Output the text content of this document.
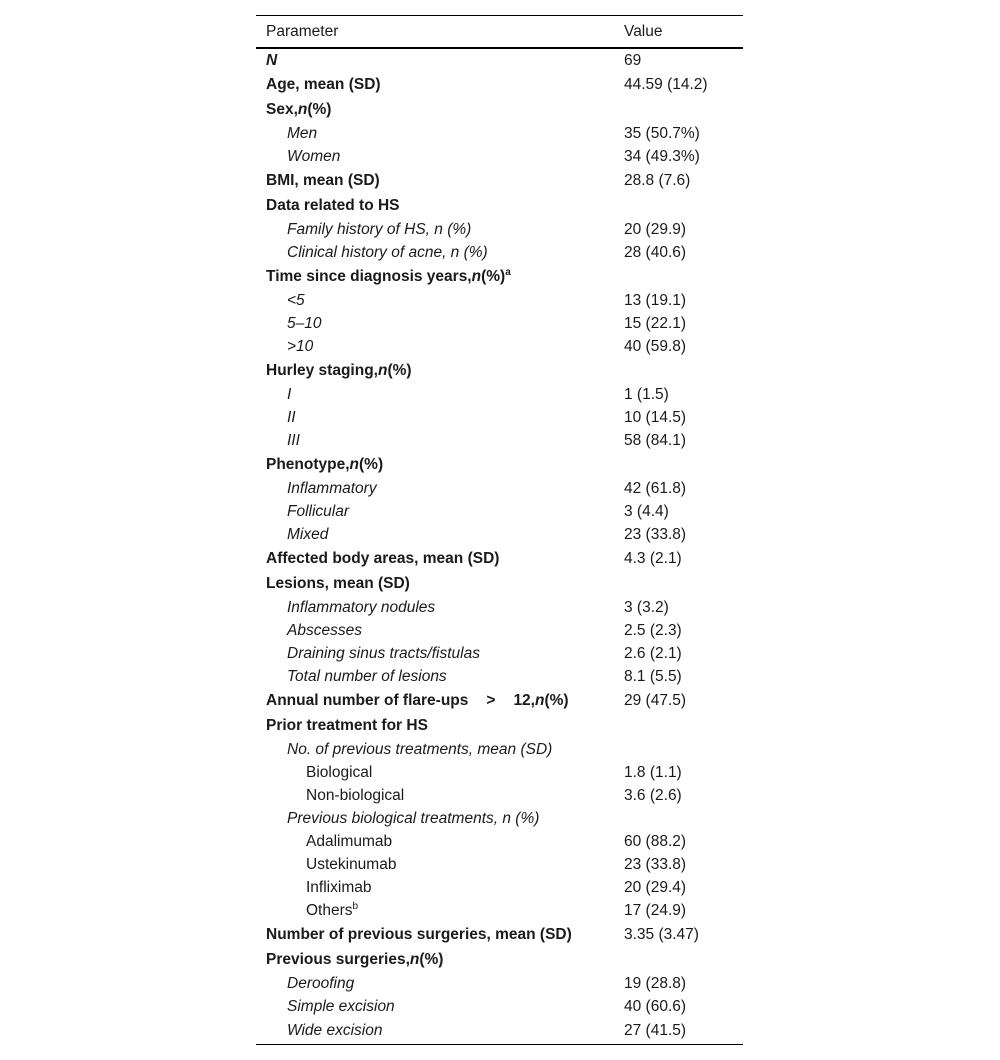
Parameter	Value
N	69
Age, mean (SD)	44.59 (14.2)
Sex,n(%)	
Men	35 (50.7%)
Women	34 (49.3%)
BMI, mean (SD)	28.8 (7.6)
Data related to HS	
Family history of HS, n (%)	20 (29.9)
Clinical history of acne, n (%)	28 (40.6)
Time since diagnosis years,n(%)$^a$	
<5	13 (19.1)
5–10	15 (22.1)
>10	40 (59.8)
Hurley staging,n(%)	
I	1 (1.5)
II	10 (14.5)
III	58 (84.1)
Phenotype,n(%)	
Inflammatory	42 (61.8)
Follicular	3 (4.4)
Mixed	23 (33.8)
Affected body areas, mean (SD)	4.3 (2.1)
Lesions, mean (SD)	
Inflammatory nodules	3 (3.2)
Abscesses	2.5 (2.3)
Draining sinus tracts/fistulas	2.6 (2.1)
Total number of lesions	8.1 (5.5)
Annual number of flare-ups > 12,n(%)	29 (47.5)
Prior treatment for HS	
No. of previous treatments, mean (SD)	
Biological	1.8 (1.1)
Non-biological	3.6 (2.6)
Previous biological treatments, n (%)	
Adalimumab	60 (88.2)
Ustekinumab	23 (33.8)
Infliximab	20 (29.4)
Others$^b$	17 (24.9)
Number of previous surgeries, mean (SD)	3.35 (3.47)
Previous surgeries,n(%)	
Deroofing	19 (28.8)
Simple excision	40 (60.6)
Wide excision	27 (41.5)
